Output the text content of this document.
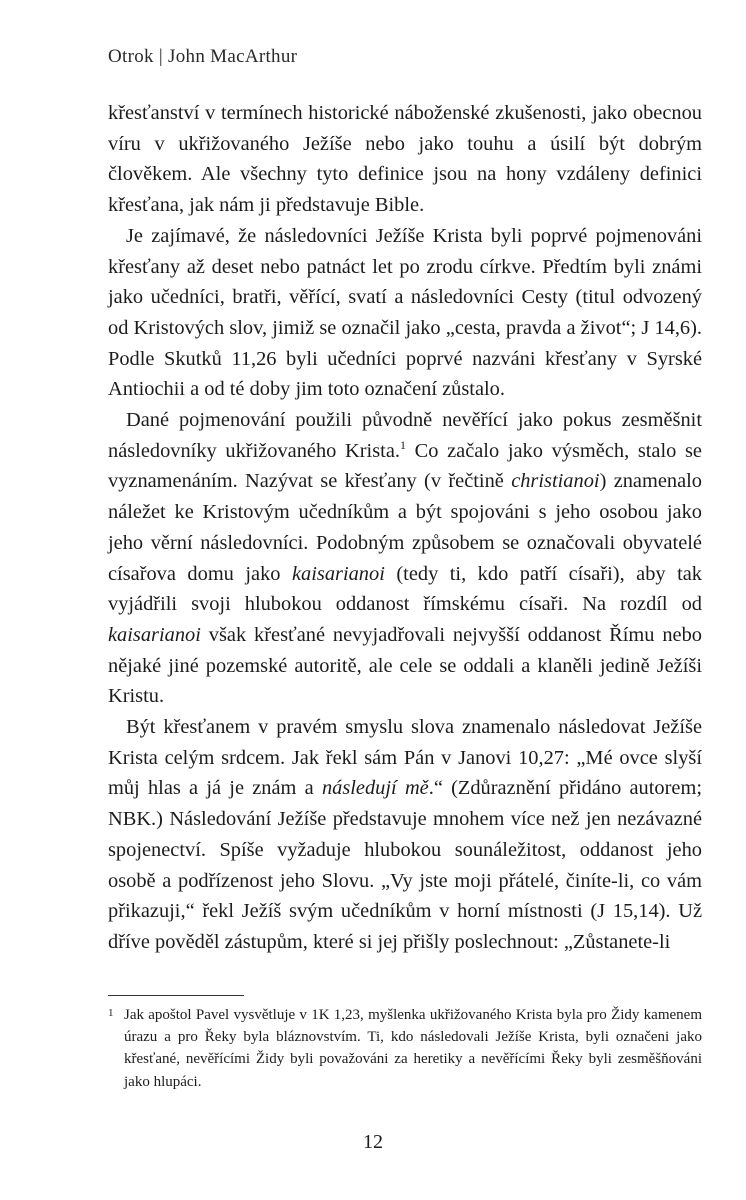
Otrok | John MacArthur

křesťanství v termínech historické náboženské zkušenosti, jako obecnou víru v ukřižovaného Ježíše nebo jako touhu a úsilí být dobrým člověkem. Ale všechny tyto definice jsou na hony vzdáleny definici křesťana, jak nám ji představuje Bible.

Je zajímavé, že následovníci Ježíše Krista byli poprvé pojmenováni křesťany až deset nebo patnáct let po zrodu církve. Předtím byli známi jako učedníci, bratři, věřící, svatí a následovníci Cesty (titul odvozený od Kristových slov, jimiž se označil jako „cesta, pravda a život“; J 14,6). Podle Skutků 11,26 byli učedníci poprvé nazváni křesťany v Syrské Antiochii a od té doby jim toto označení zůstalo.

Dané pojmenování použili původně nevěřící jako pokus zesměšnit následovníky ukřižovaného Krista.$^1$ Co začalo jako výsměch, stalo se vyznamenáním. Nazývat se křesťany (v řečtině christianoi) znamenalo náležet ke Kristovým učedníkům a být spojováni s jeho osobou jako jeho věrní následovníci. Podobným způsobem se označovali obyvatelé císařova domu jako kaisarianoi (tedy ti, kdo patří císaři), aby tak vyjádřili svoji hlubokou oddanost římskému císaři. Na rozdíl od kaisarianoi však křesťané nevyjadřovali nejvyšší oddanost Římu nebo nějaké jiné pozemské autoritě, ale cele se oddali a klaněli jedině Ježíši Kristu.

Být křesťanem v pravém smyslu slova znamenalo následovat Ježíše Krista celým srdcem. Jak řekl sám Pán v Janovi 10,27: „Mé ovce slyší můj hlas a já je znám a následují mě.“ (Zdůraznění přidáno autorem; NBK.) Následování Ježíše představuje mnohem více než jen nezávazné spojenectví. Spíše vyžaduje hlubokou sounáležitost, oddanost jeho osobě a podřízenost jeho Slovu. „Vy jste moji přátelé, činíte-li, co vám přikazuji,“ řekl Ježíš svým učedníkům v horní místnosti (J 15,14). Už dříve pověděl zástupům, které si jej přišly poslechnout: „Zůstanete-li

1 Jak apoštol Pavel vysvětluje v 1K 1,23, myšlenka ukřižovaného Krista byla pro Židy kamenem úrazu a pro Řeky byla bláznovstvím. Ti, kdo následovali Ježíše Krista, byli označeni jako křesťané, nevěřícími Židy byli považováni za heretiky a nevěřícími Řeky byli zesměšňováni jako hlupáci.
12
